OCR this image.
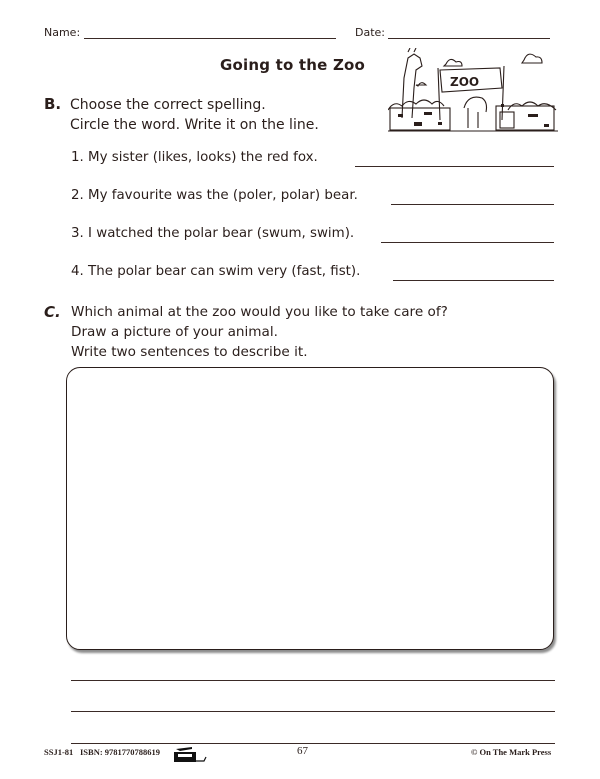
Name:	Date:
Going to the Zoo
ZOO
B. Choose the correct spelling.
Circle the word. Write it on the line.
1. My sister (likes, looks) the red fox.
2. My favourite was the (poler, polar) bear.
3. I watched the polar bear (swum, swim).
4. The polar bear can swim very (fast, fist).
C. Which animal at the zoo would you like to take care of?
Draw a picture of your animal.
Write two sentences to describe it.
SSJ1-81 ISBN: 9781770788619	67	© On The Mark Press
